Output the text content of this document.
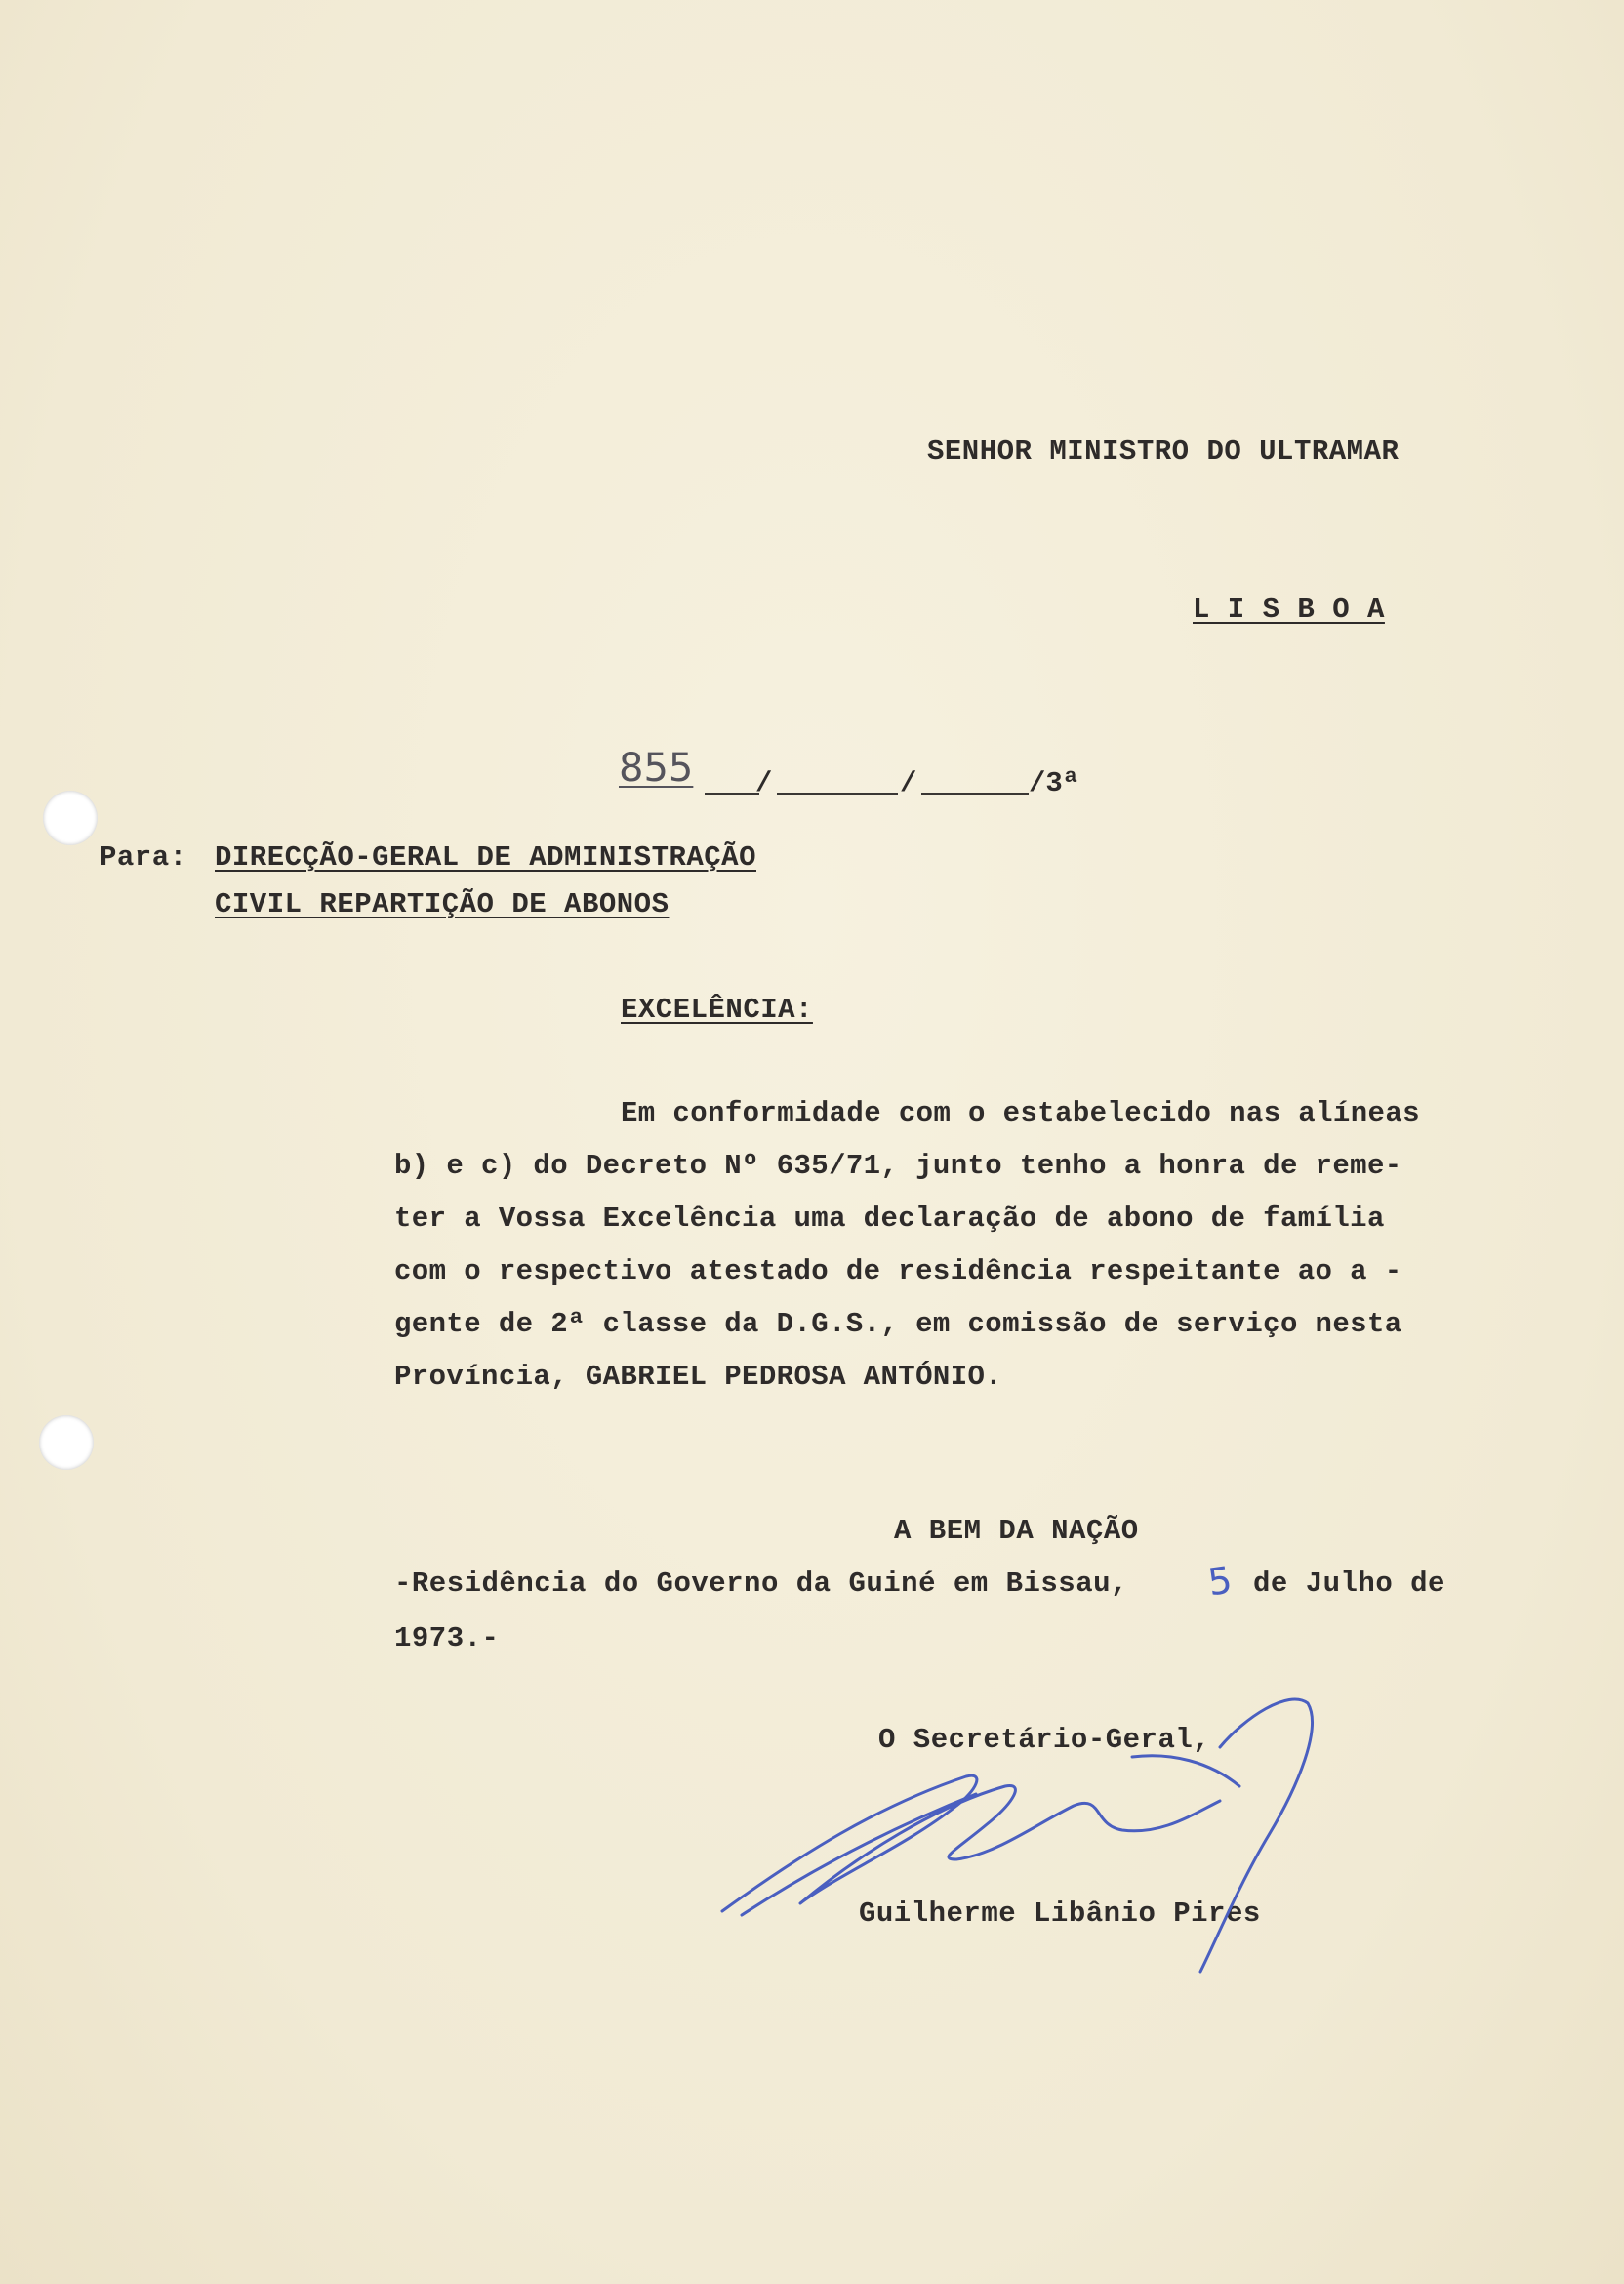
SENHOR MINISTRO DO ULTRAMAR
L I S B O A
855 /	/	/3ª
Para: DIRECÇÃO-GERAL DE ADMINISTRAÇÃO
CIVIL REPARTIÇÃO DE ABONOS
EXCELÊNCIA:
Em conformidade com o estabelecido nas alíneas
b) e c) do Decreto Nº 635/71, junto tenho a honra de reme-
ter a Vossa Excelência uma declaração de abono de família
com o respectivo atestado de residência respeitante ao a -
gente de 2ª classe da D.G.S., em comissão de serviço nesta
Província, GABRIEL PEDROSA ANTÓNIO.
A BEM DA NAÇÃO
-Residência do Governo da Guiné em Bissau, 5 de Julho de
1973.-
O Secretário-Geral,
Guilherme Libânio Pires
